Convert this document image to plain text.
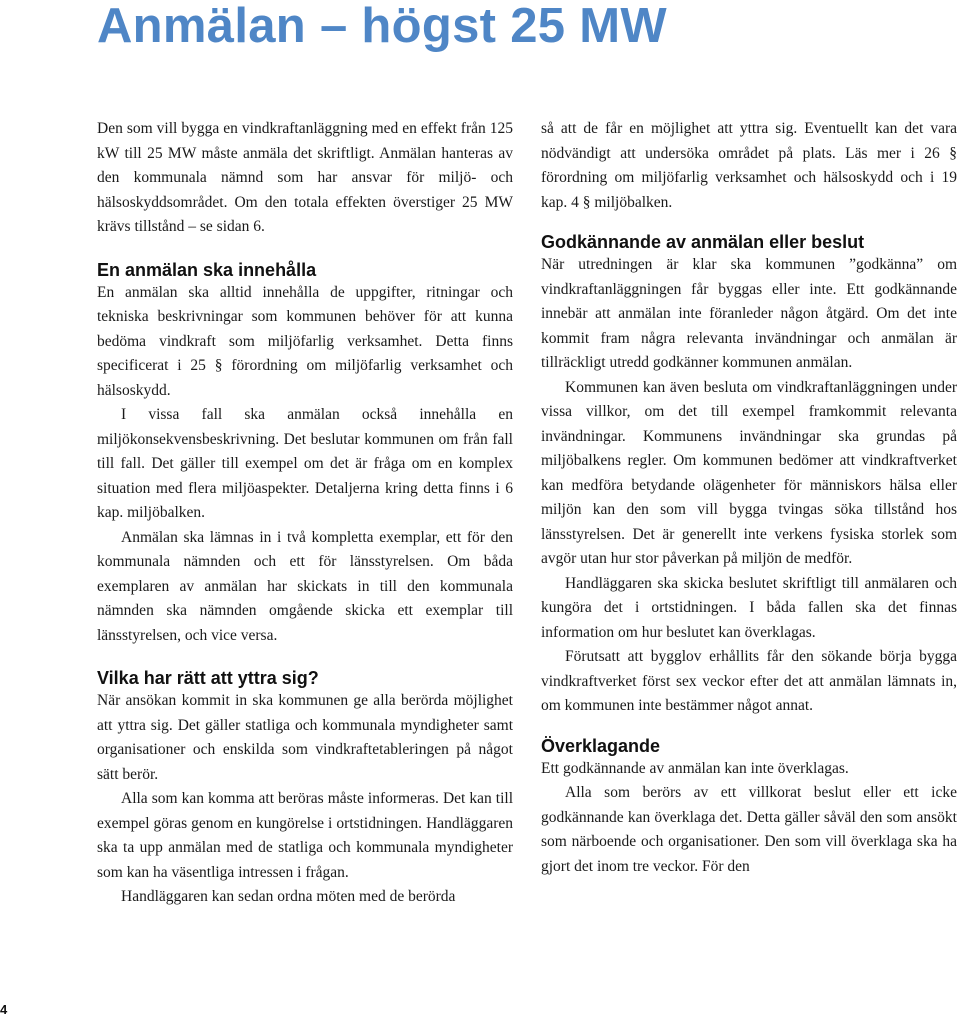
Anmälan – högst 25 MW

Den som vill bygga en vindkraftanläggning med en effekt från 125 kW till 25 MW måste anmäla det skriftligt. Anmälan hanteras av den kommunala nämnd som har ansvar för miljö- och hälsoskyddsområdet. Om den totala effekten överstiger 25 MW krävs tillstånd – se sidan 6.

En anmälan ska innehålla

En anmälan ska alltid innehålla de uppgifter, ritningar och tekniska beskrivningar som kommunen behöver för att kunna bedöma vindkraft som miljöfarlig verksamhet. Detta finns specificerat i 25 § förordning om miljöfarlig verksamhet och hälsoskydd.

I vissa fall ska anmälan också innehålla en miljökonsekvensbeskrivning. Det beslutar kommunen om från fall till fall. Det gäller till exempel om det är fråga om en komplex situation med flera miljöaspekter. Detaljerna kring detta finns i 6 kap. miljöbalken.

Anmälan ska lämnas in i två kompletta exemplar, ett för den kommunala nämnden och ett för länsstyrelsen. Om båda exemplaren av anmälan har skickats in till den kommunala nämnden ska nämnden omgående skicka ett exemplar till länsstyrelsen, och vice versa.

Vilka har rätt att yttra sig?

När ansökan kommit in ska kommunen ge alla berörda möjlighet att yttra sig. Det gäller statliga och kommunala myndigheter samt organisationer och enskilda som vindkraftetableringen på något sätt berör.

Alla som kan komma att beröras måste informeras. Det kan till exempel göras genom en kungörelse i ortstidningen. Handläggaren ska ta upp anmälan med de statliga och kommunala myndigheter som kan ha väsentliga intressen i frågan.

Handläggaren kan sedan ordna möten med de berörda

så att de får en möjlighet att yttra sig. Eventuellt kan det vara nödvändigt att undersöka området på plats. Läs mer i 26 § förordning om miljöfarlig verksamhet och hälsoskydd och i 19 kap. 4 § miljöbalken.

Godkännande av anmälan eller beslut

När utredningen är klar ska kommunen ”godkänna” om vindkraftanläggningen får byggas eller inte. Ett godkännande innebär att anmälan inte föranleder någon åtgärd. Om det inte kommit fram några relevanta invändningar och anmälan är tillräckligt utredd godkänner kommunen anmälan.

Kommunen kan även besluta om vindkraftanläggningen under vissa villkor, om det till exempel framkommit relevanta invändningar. Kommunens invändningar ska grundas på miljöbalkens regler. Om kommunen bedömer att vindkraftverket kan medföra betydande olägenheter för människors hälsa eller miljön kan den som vill bygga tvingas söka tillstånd hos länsstyrelsen. Det är generellt inte verkens fysiska storlek som avgör utan hur stor påverkan på miljön de medför.

Handläggaren ska skicka beslutet skriftligt till anmälaren och kungöra det i ortstidningen. I båda fallen ska det finnas information om hur beslutet kan överklagas.

Förutsatt att bygglov erhållits får den sökande börja bygga vindkraftverket först sex veckor efter det att anmälan lämnats in, om kommunen inte bestämmer något annat.

Överklagande

Ett godkännande av anmälan kan inte överklagas.

Alla som berörs av ett villkorat beslut eller ett icke godkännande kan överklaga det. Detta gäller såväl den som ansökt som närboende och organisationer. Den som vill överklaga ska ha gjort det inom tre veckor. För den

4
